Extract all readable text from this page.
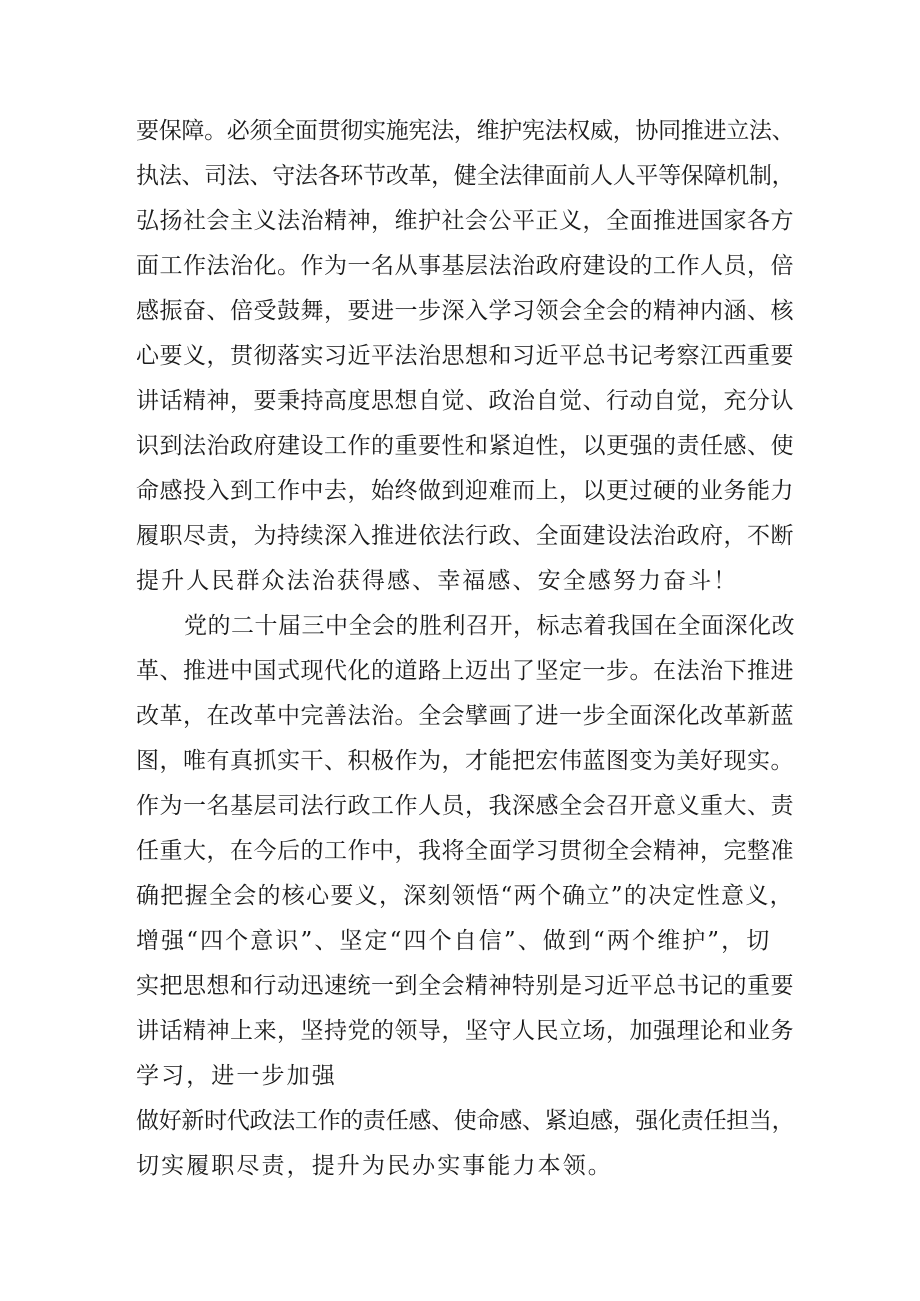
要保障。必须全面贯彻实施宪法，维护宪法权威，协同推进立法、

执法、司法、守法各环节改革，健全法律面前人人平等保障机制，

弘扬社会主义法治精神，维护社会公平正义，全面推进国家各方

面工作法治化。作为一名从事基层法治政府建设的工作人员，倍

感振奋、倍受鼓舞，要进一步深入学习领会全会的精神内涵、核

心要义，贯彻落实习近平法治思想和习近平总书记考察江西重要

讲话精神，要秉持高度思想自觉、政治自觉、行动自觉，充分认

识到法治政府建设工作的重要性和紧迫性，以更强的责任感、使

命感投入到工作中去，始终做到迎难而上，以更过硬的业务能力

履职尽责，为持续深入推进依法行政、全面建设法治政府，不断

提升人民群众法治获得感、幸福感、安全感努力奋斗！

党的二十届三中全会的胜利召开，标志着我国在全面深化改

革、推进中国式现代化的道路上迈出了坚定一步。在法治下推进

改革，在改革中完善法治。全会擘画了进一步全面深化改革新蓝

图，唯有真抓实干、积极作为，才能把宏伟蓝图变为美好现实。

作为一名基层司法行政工作人员，我深感全会召开意义重大、责

任重大，在今后的工作中，我将全面学习贯彻全会精神，完整准

确把握全会的核心要义，深刻领悟“两个确立”的决定性意义，

增强“四个意识”、坚定“四个自信”、做到“两个维护”，切

实把思想和行动迅速统一到全会精神特别是习近平总书记的重要

讲话精神上来，坚持党的领导，坚守人民立场，加强理论和业务

学习，进一步加强

做好新时代政法工作的责任感、使命感、紧迫感，强化责任担当，

切实履职尽责，提升为民办实事能力本领。
